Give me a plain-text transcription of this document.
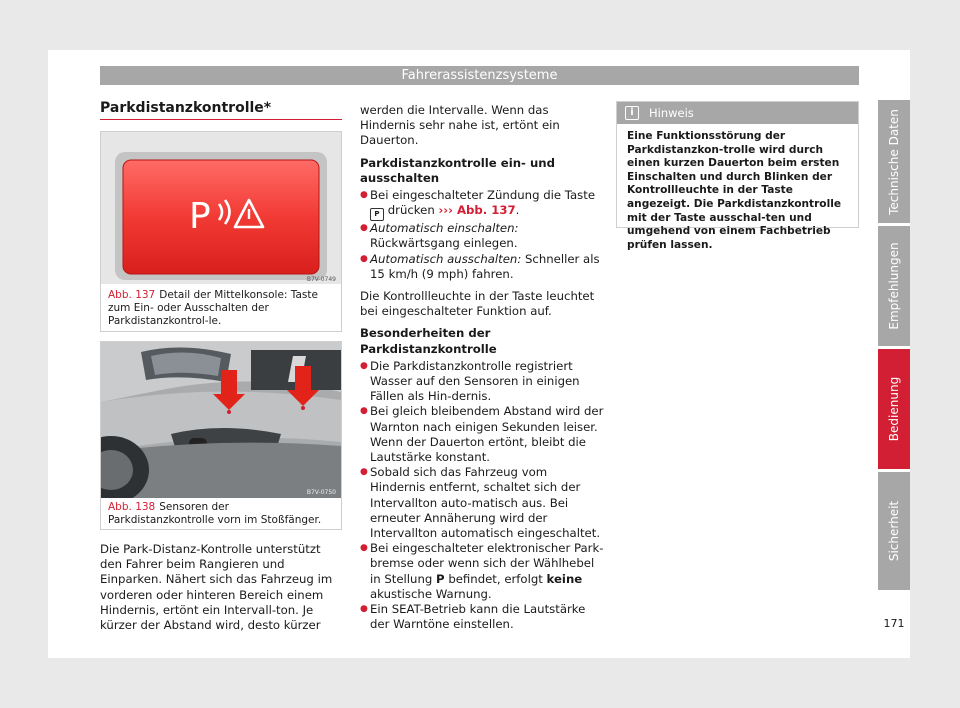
Fahrerassistenzsysteme
Parkdistanzkontrolle*
P
B7V-0749
Abb. 137 Detail der Mittelkonsole: Taste zum Ein- oder Ausschalten der Parkdistanzkontrol-le.
B7V-0750
Abb. 138 Sensoren der Parkdistanzkontrolle vorn im Stoßfänger.
Die Park-Distanz-Kontrolle unterstützt den Fahrer beim Rangieren und Einparken. Nähert sich das Fahrzeug im vorderen oder hinteren Bereich einem Hindernis, ertönt ein Intervall-ton. Je kürzer der Abstand wird, desto kürzer

werden die Intervalle. Wenn das Hindernis sehr nahe ist, ertönt ein Dauerton.

Parkdistanzkontrolle ein- und ausschalten
● Bei eingeschalteter Zündung die Taste P drücken ››› Abb. 137.
● Automatisch einschalten: Rückwärtsgang einlegen.

● Automatisch ausschalten: Schneller als 15 km/h (9 mph) fahren.

Die Kontrollleuchte in der Taste leuchtet bei eingeschalteter Funktion auf.

Besonderheiten der Parkdistanzkontrolle
● Die Parkdistanzkontrolle registriert Wasser auf den Sensoren in einigen Fällen als Hin-dernis.
● Bei gleich bleibendem Abstand wird der Warnton nach einigen Sekunden leiser. Wenn der Dauerton ertönt, bleibt die Lautstärke konstant.
● Sobald sich das Fahrzeug vom Hindernis entfernt, schaltet sich der Intervallton auto-matisch aus. Bei erneuter Annäherung wird der Intervallton automatisch eingeschaltet.
● Bei eingeschalteter elektronischer Park-bremse oder wenn sich der Wählhebel in Stellung P befindet, erfolgt keine akustische Warnung.
● Ein SEAT-Betrieb kann die Lautstärke der Warntöne einstellen.
i	Hinweis
Eine Funktionsstörung der Parkdistanzkon-trolle wird durch einen kurzen Dauerton beim ersten Einschalten und durch Blinken der Kontrollleuchte in der Taste angezeigt. Die Parkdistanzkontrolle mit der Taste ausschal-ten und umgehend von einem Fachbetrieb prüfen lassen.
Technische Daten
Empfehlungen
Bedienung
Sicherheit
171
